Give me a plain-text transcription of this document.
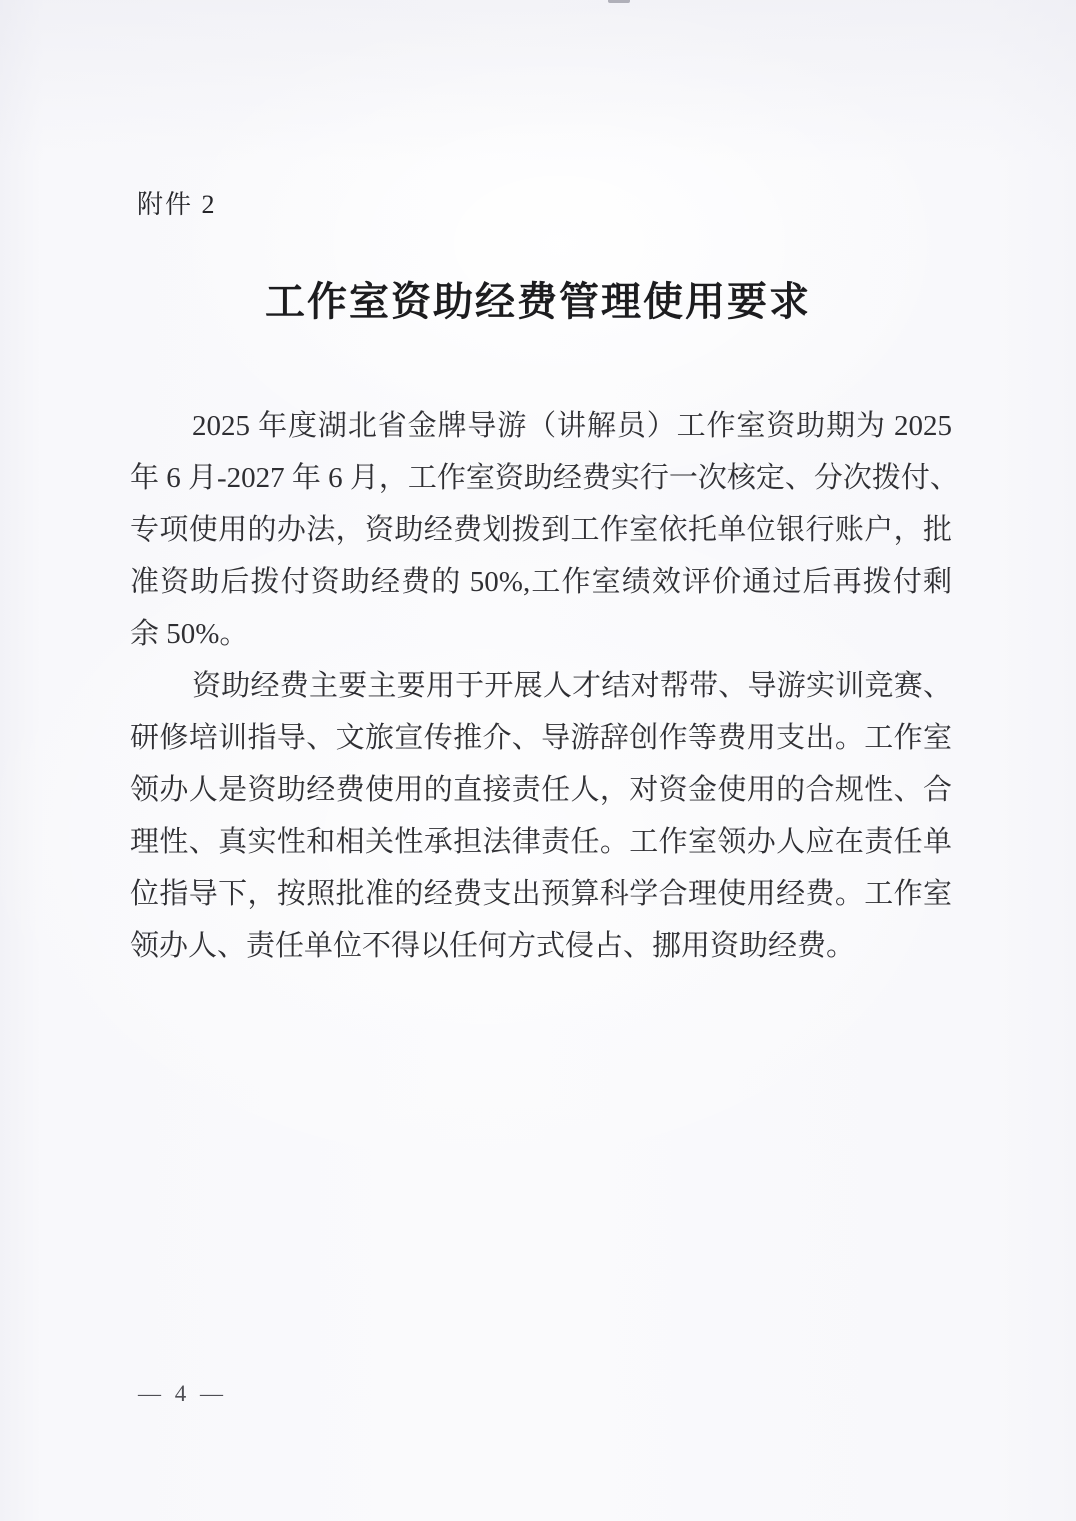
附件 2
工作室资助经费管理使用要求
2025 年度湖北省金牌导游（讲解员）工作室资助期为 2025
年 6 月-2027 年 6 月，工作室资助经费实行一次核定、分次拨付、
专项使用的办法，资助经费划拨到工作室依托单位银行账户，批
准资助后拨付资助经费的 50%,工作室绩效评价通过后再拨付剩
余 50%。
资助经费主要主要用于开展人才结对帮带、导游实训竞赛、
研修培训指导、文旅宣传推介、导游辞创作等费用支出。工作室
领办人是资助经费使用的直接责任人，对资金使用的合规性、合
理性、真实性和相关性承担法律责任。工作室领办人应在责任单
位指导下，按照批准的经费支出预算科学合理使用经费。工作室
领办人、责任单位不得以任何方式侵占、挪用资助经费。
— 4 —
